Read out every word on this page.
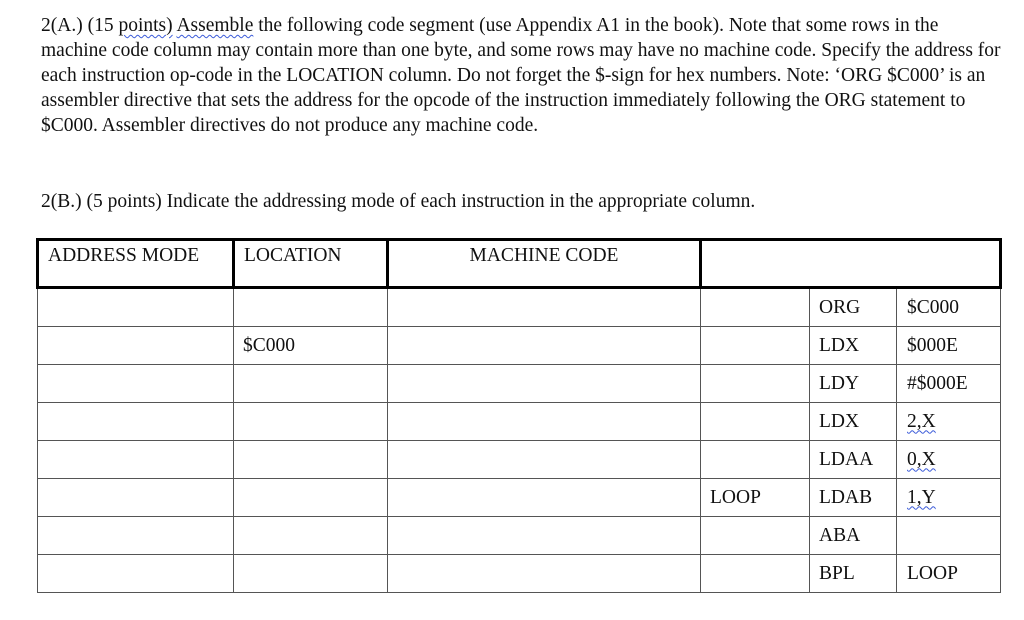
2(A.) (15 points) Assemble the following code segment (use Appendix A1 in the book). Note that some rows in the machine code column may contain more than one byte, and some rows may have no machine code. Specify the address for each instruction op-code in the LOCATION column. Do not forget the $-sign for hex numbers. Note: ‘ORG $C000’ is an assembler directive that sets the address for the opcode of the instruction immediately following the ORG statement to $C000. Assembler directives do not produce any machine code.

2(B.) (5 points) Indicate the addressing mode of each instruction in the appropriate column.

ADDRESS MODE	LOCATION	MACHINE CODE			
				ORG	$C000
	$C000			LDX	$000E
				LDY	#$000E
				LDX	2,X
				LDAA	0,X
			LOOP	LDAB	1,Y
				ABA	
				BPL	LOOP
